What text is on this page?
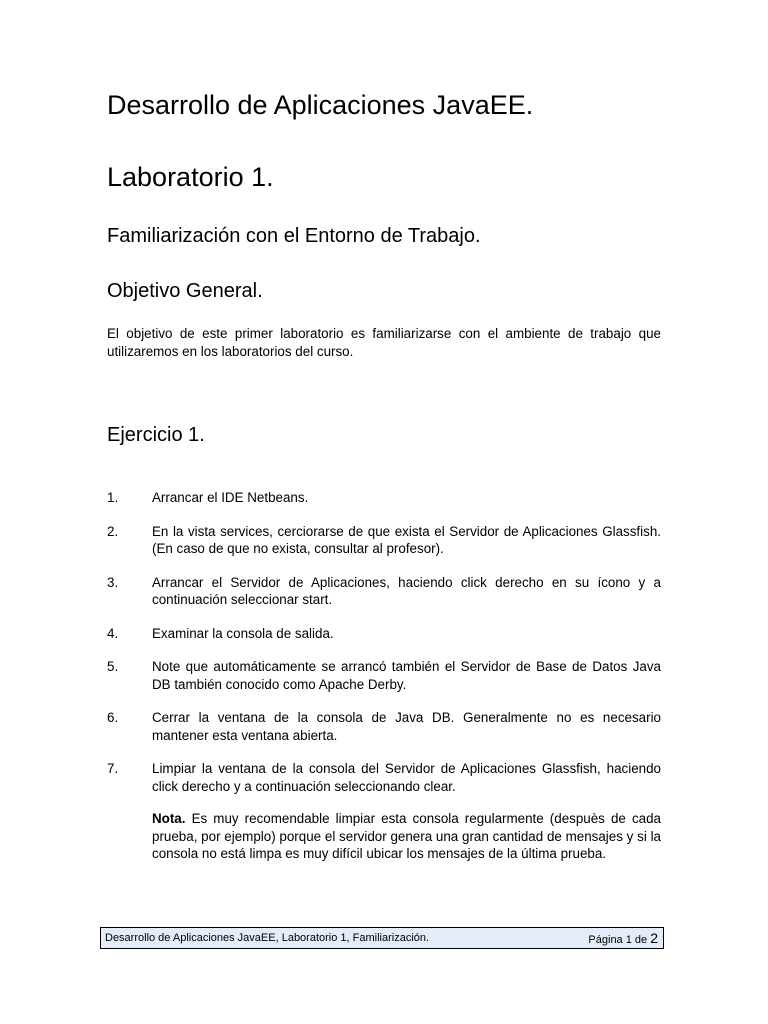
Desarrollo de Aplicaciones JavaEE.
Laboratorio 1.
Familiarización con el Entorno de Trabajo.
Objetivo General.

El objetivo de este primer laboratorio es familiarizarse con el ambiente de trabajo que utilizaremos en los laboratorios del curso.

Ejercicio 1.
1.	Arrancar el IDE Netbeans.
2.	En la vista services, cerciorarse de que exista el Servidor de Aplicaciones Glassfish. (En caso de que no exista, consultar al profesor).
3.	Arrancar el Servidor de Aplicaciones, haciendo click derecho en su ícono y a continuación seleccionar start.
4.	Examinar la consola de salida.
5.	Note que automáticamente se arrancó también el Servidor de Base de Datos Java DB también conocido como Apache Derby.
6.	Cerrar la ventana de la consola de Java DB. Generalmente no es necesario mantener esta ventana abierta.
7.	Limpiar la ventana de la consola del Servidor de Aplicaciones Glassfish, haciendo click derecho y a continuación seleccionando clear.
Nota. Es muy recomendable limpiar esta consola regularmente (despuès de cada prueba, por ejemplo) porque el servidor genera una gran cantidad de mensajes y si la consola no está limpa es muy difícil ubicar los mensajes de la última prueba.
Desarrollo de Aplicaciones JavaEE, Laboratorio 1, Familiarización.	Página 1 de 2
